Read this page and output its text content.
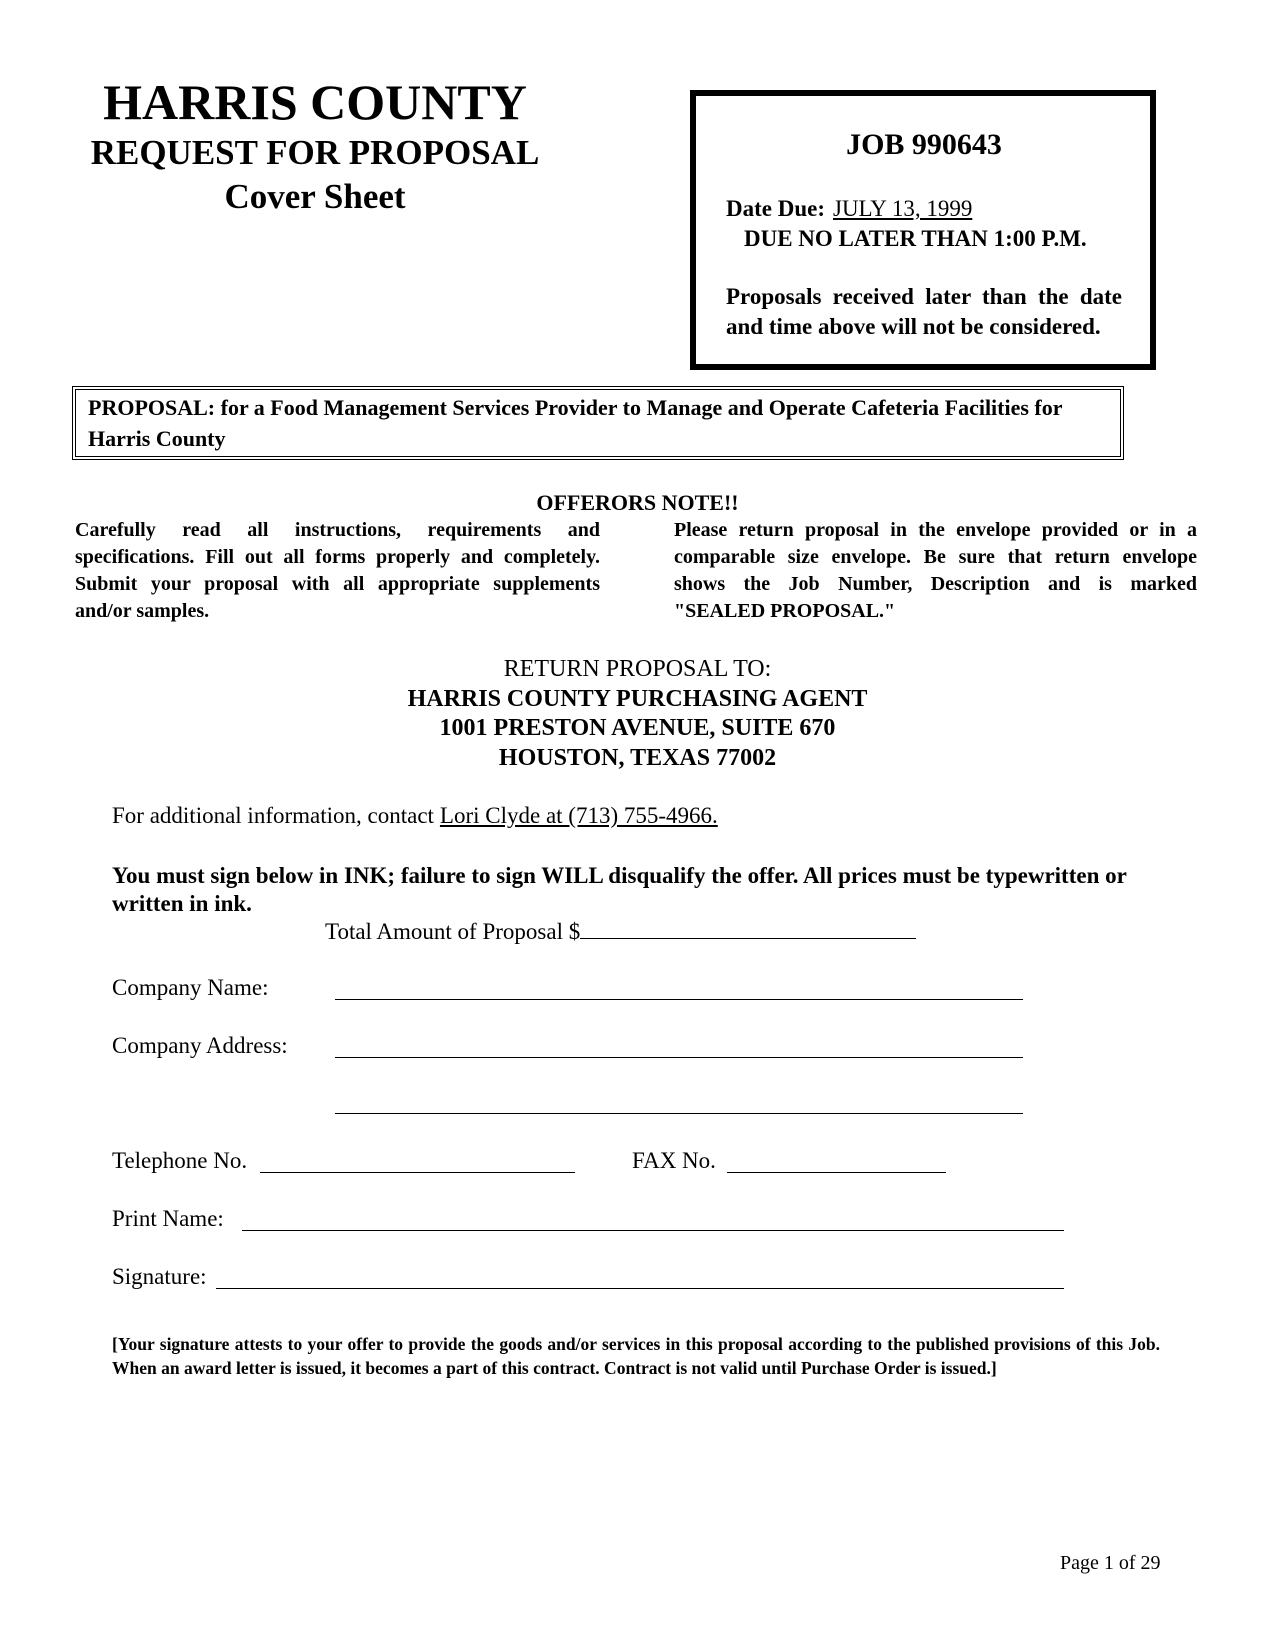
HARRIS COUNTY
REQUEST FOR PROPOSAL
Cover Sheet
JOB 990643
Date Due: JULY 13, 1999
DUE NO LATER THAN 1:00 P.M.
Proposals received later than the date and time above will not be considered.
PROPOSAL: for a Food Management Services Provider to Manage and Operate Cafeteria Facilities for Harris County
OFFERORS NOTE!!
Carefully read all instructions, requirements and specifications. Fill out all forms properly and completely. Submit your proposal with all appropriate supplements and/or samples.
Please return proposal in the envelope provided or in a comparable size envelope. Be sure that return envelope shows the Job Number, Description and is marked "SEALED PROPOSAL."
RETURN PROPOSAL TO:
HARRIS COUNTY PURCHASING AGENT
1001 PRESTON AVENUE, SUITE 670
HOUSTON, TEXAS 77002
For additional information, contact Lori Clyde at (713) 755-4966.
You must sign below in INK; failure to sign WILL disqualify the offer. All prices must be typewritten or written in ink.
Total Amount of Proposal $
Company Name:
Company Address:
Telephone No.	FAX No.
Print Name:
Signature:
[Your signature attests to your offer to provide the goods and/or services in this proposal according to the published provisions of this Job. When an award letter is issued, it becomes a part of this contract. Contract is not valid until Purchase Order is issued.]
Page 1 of 29
